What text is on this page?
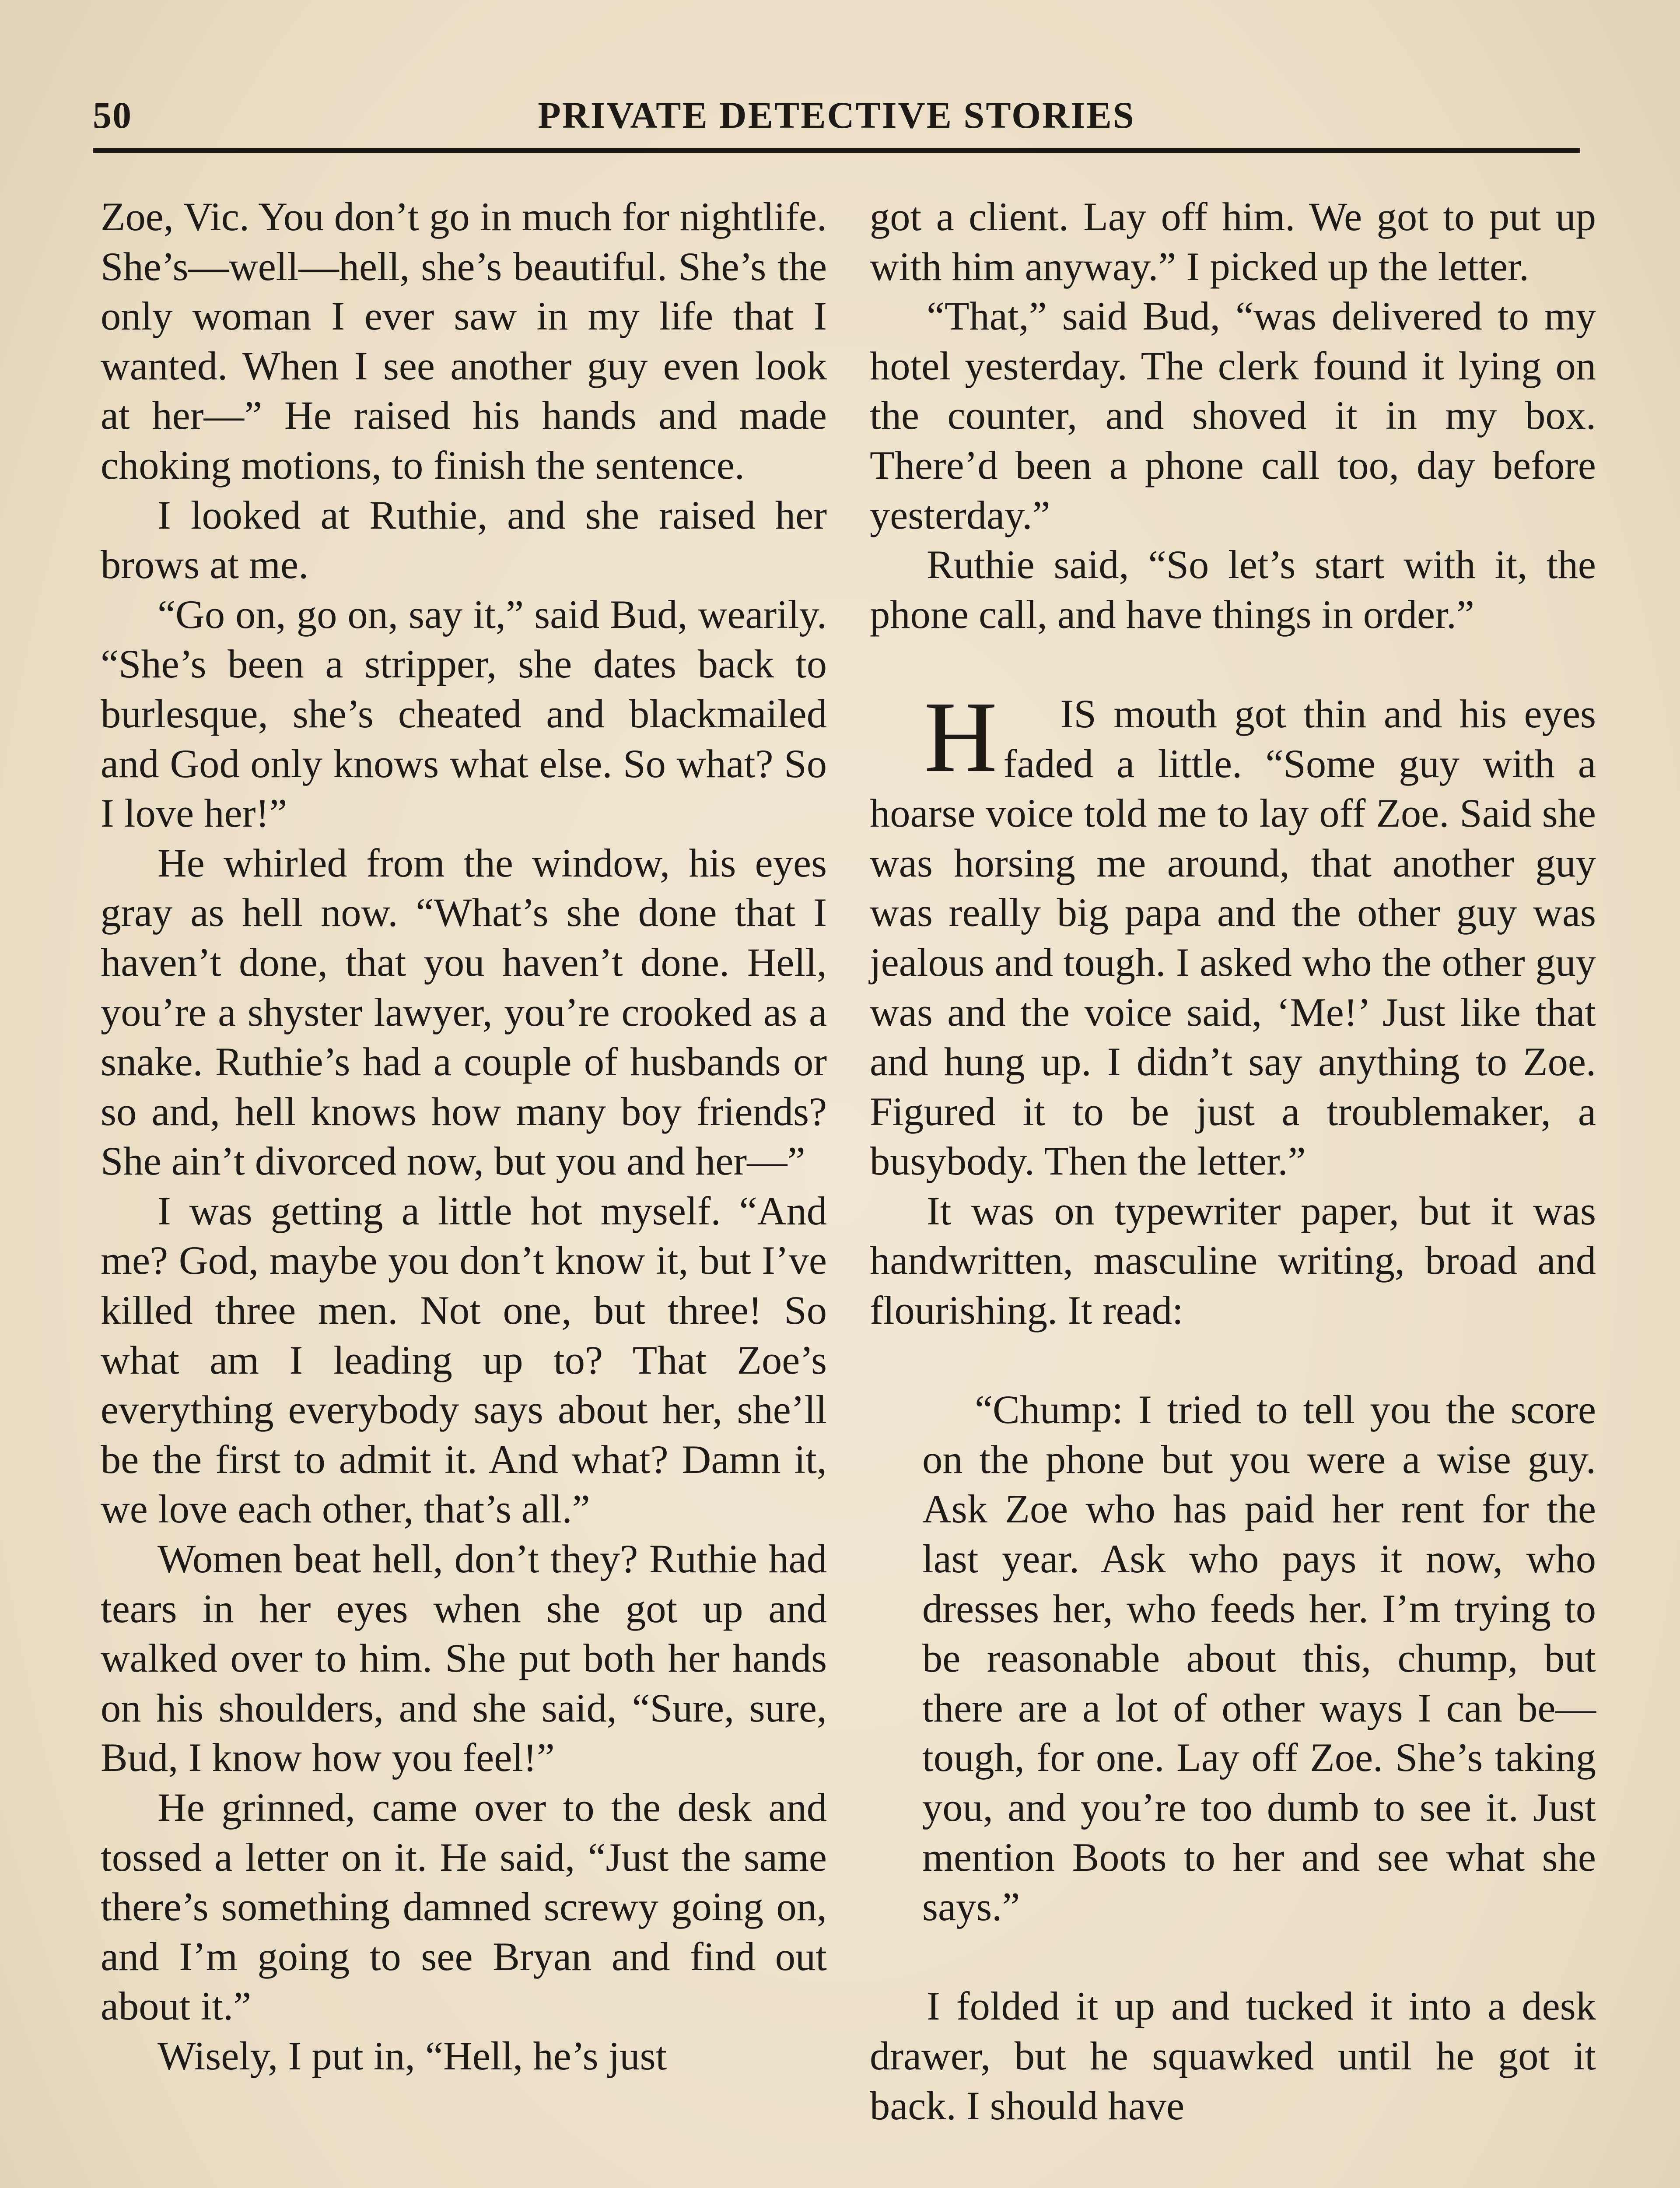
50	PRIVATE DETECTIVE STORIES

Zoe, Vic. You don’t go in much for nightlife. She’s—well—hell, she’s beautiful. She’s the only woman I ever saw in my life that I wanted. When I see another guy even look at her—” He raised his hands and made choking motions, to finish the sentence.

I looked at Ruthie, and she raised her brows at me.

“Go on, go on, say it,” said Bud, wearily. “She’s been a stripper, she dates back to burlesque, she’s cheated and blackmailed and God only knows what else. So what? So I love her!”

He whirled from the window, his eyes gray as hell now. “What’s she done that I haven’t done, that you haven’t done. Hell, you’re a shyster lawyer, you’re crooked as a snake. Ruthie’s had a couple of husbands or so and, hell knows how many boy friends? She ain’t divorced now, but you and her—”

I was getting a little hot myself. “And me? God, maybe you don’t know it, but I’ve killed three men. Not one, but three! So what am I leading up to? That Zoe’s everything everybody says about her, she’ll be the first to admit it. And what? Damn it, we love each other, that’s all.”

Women beat hell, don’t they? Ruthie had tears in her eyes when she got up and walked over to him. She put both her hands on his shoulders, and she said, “Sure, sure, Bud, I know how you feel!”

He grinned, came over to the desk and tossed a letter on it. He said, “Just the same there’s something damned screwy going on, and I’m going to see Bryan and find out about it.”

Wisely, I put in, “Hell, he’s just

got a client. Lay off him. We got to put up with him anyway.” I picked up the letter.

“That,” said Bud, “was delivered to my hotel yesterday. The clerk found it lying on the counter, and shoved it in my box. There’d been a phone call too, day before yesterday.”

Ruthie said, “So let’s start with it, the phone call, and have things in order.”

H IS mouth got thin and his eyes faded a little. “Some guy with a hoarse voice told me to lay off Zoe. Said she was horsing me around, that another guy was really big papa and the other guy was jealous and tough. I asked who the other guy was and the voice said, ‘Me!’ Just like that and hung up. I didn’t say anything to Zoe. Figured it to be just a troublemaker, a busybody. Then the letter.”

It was on typewriter paper, but it was handwritten, masculine writing, broad and flourishing. It read:

“Chump: I tried to tell you the score on the phone but you were a wise guy. Ask Zoe who has paid her rent for the last year. Ask who pays it now, who dresses her, who feeds her. I’m trying to be reasonable about this, chump, but there are a lot of other ways I can be—tough, for one. Lay off Zoe. She’s taking you, and you’re too dumb to see it. Just mention Boots to her and see what she says.”

I folded it up and tucked it into a desk drawer, but he squawked until he got it back. I should have
